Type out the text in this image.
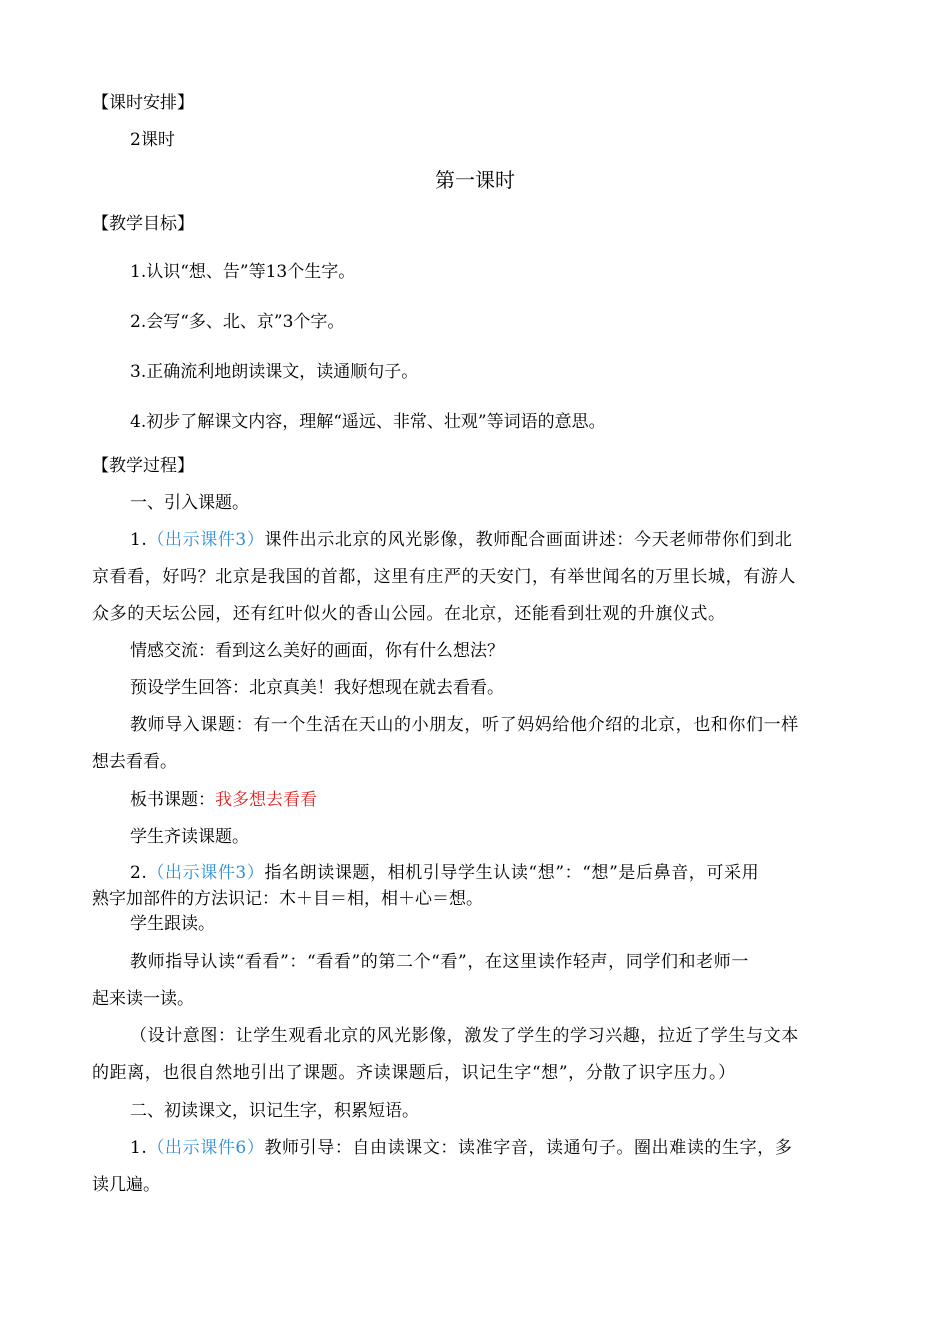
【课时安排】
2课时
第一课时
【教学目标】
1.认识“想、告”等13个生字。
2.会写“多、北、京”3个字。
3.正确流利地朗读课文，读通顺句子。
4.初步了解课文内容，理解“遥远、非常、壮观”等词语的意思。
【教学过程】
一、引入课题。
1.（出示课件3）课件出示北京的风光影像，教师配合画面讲述：今天老师带你们到北
京看看，好吗？北京是我国的首都，这里有庄严的天安门，有举世闻名的万里长城，有游人
众多的天坛公园，还有红叶似火的香山公园。在北京，还能看到壮观的升旗仪式。
情感交流：看到这么美好的画面，你有什么想法？
预设学生回答：北京真美！我好想现在就去看看。
教师导入课题：有一个生活在天山的小朋友，听了妈妈给他介绍的北京，也和你们一样
想去看看。
板书课题：我多想去看看
学生齐读课题。
2.（出示课件3）指名朗读课题，相机引导学生认读“想”：“想”是后鼻音，可采用
熟字加部件的方法识记：木＋目＝相，相＋心＝想。
学生跟读。
教师指导认读“看看”：“看看”的第二个“看”，在这里读作轻声，同学们和老师一
起来读一读。
（设计意图：让学生观看北京的风光影像，激发了学生的学习兴趣，拉近了学生与文本
的距离，也很自然地引出了课题。齐读课题后，识记生字“想”，分散了识字压力。）
二、初读课文，识记生字，积累短语。
1.（出示课件6）教师引导：自由读课文：读准字音，读通句子。圈出难读的生字，多
读几遍。
